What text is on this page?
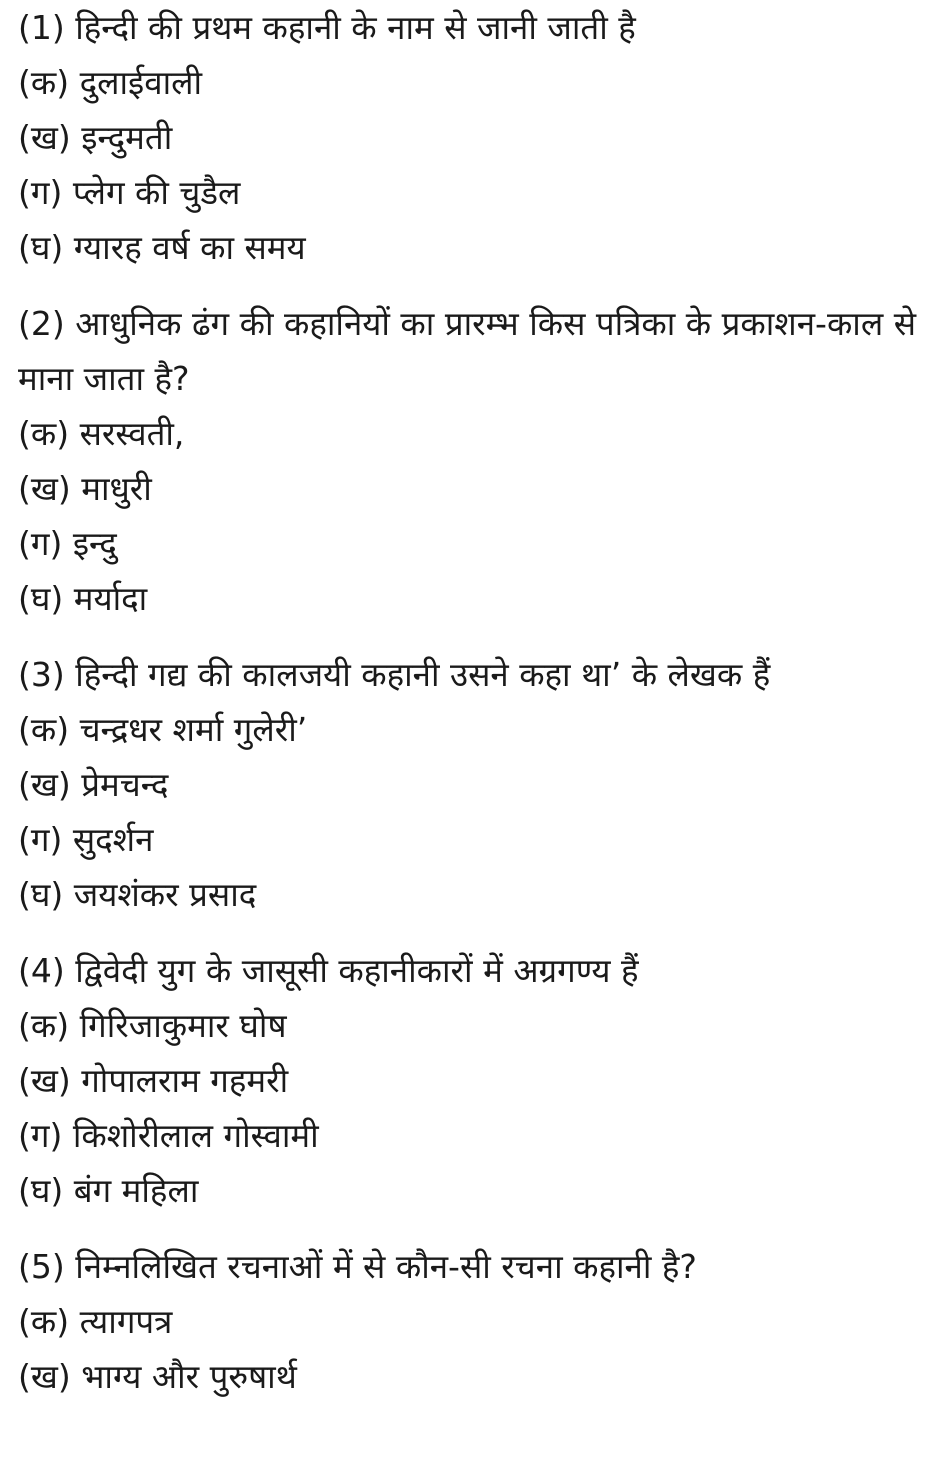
(1) हिन्दी की प्रथम कहानी के नाम से जानी जाती है
(क) दुलाईवाली
(ख) इन्दुमती
(ग) प्लेग की चुडैल
(घ) ग्यारह वर्ष का समय
(2) आधुनिक ढंग की कहानियों का प्रारम्भ किस पत्रिका के प्रकाशन-काल से माना जाता है?
(क) सरस्वती,
(ख) माधुरी
(ग) इन्दु
(घ) मर्यादा
(3) हिन्दी गद्य की कालजयी कहानी उसने कहा था’ के लेखक हैं
(क) चन्द्रधर शर्मा गुलेरी’
(ख) प्रेमचन्द
(ग) सुदर्शन
(घ) जयशंकर प्रसाद
(4) द्विवेदी युग के जासूसी कहानीकारों में अग्रगण्य हैं
(क) गिरिजाकुमार घोष
(ख) गोपालराम गहमरी
(ग) किशोरीलाल गोस्वामी
(घ) बंग महिला
(5) निम्नलिखित रचनाओं में से कौन-सी रचना कहानी है?
(क) त्यागपत्र
(ख) भाग्य और पुरुषार्थ
